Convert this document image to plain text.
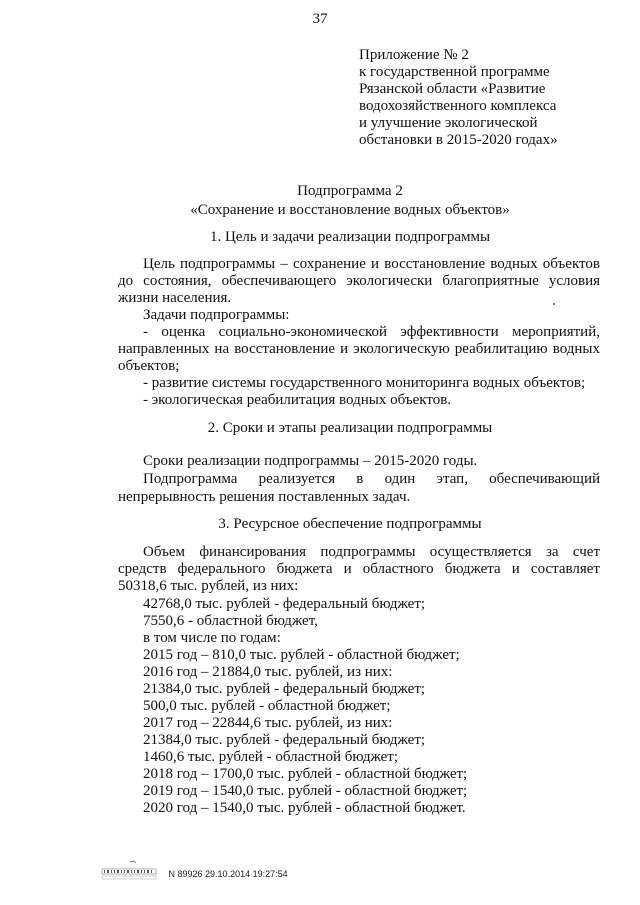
37
Приложение № 2
к государственной программе
Рязанской области «Развитие
водохозяйственного комплекса
и улучшение экологической
обстановки в 2015-2020 годах»
Подпрограмма 2
«Сохранение и восстановление водных объектов»
1. Цель и задачи реализации подпрограммы
Цель подпрограммы – сохранение и восстановление водных объектов
до состояния, обеспечивающего экологически благоприятные условия
жизни населения.
Задачи подпрограммы:
- оценка социально-экономической эффективности мероприятий,
направленных на восстановление и экологическую реабилитацию водных
объектов;
- развитие системы государственного мониторинга водных объектов;
- экологическая реабилитация водных объектов.
2. Сроки и этапы реализации подпрограммы
Сроки реализации подпрограммы – 2015-2020 годы.
Подпрограмма реализуется в один этап, обеспечивающий
непрерывность решения поставленных задач.
3. Ресурсное обеспечение подпрограммы
Объем финансирования подпрограммы осуществляется за счет
средств федерального бюджета и областного бюджета и составляет
50318,6 тыс. рублей, из них:
42768,0 тыс. рублей - федеральный бюджет;
7550,6 - областной бюджет,
в том числе по годам:
2015 год – 810,0 тыс. рублей - областной бюджет;
2016 год – 21884,0 тыс. рублей, из них:
21384,0 тыс. рублей - федеральный бюджет;
500,0 тыс. рублей - областной бюджет;
2017 год – 22844,6 тыс. рублей, из них:
21384,0 тыс. рублей - федеральный бюджет;
1460,6 тыс. рублей - областной бюджет;
2018 год – 1700,0 тыс. рублей - областной бюджет;
2019 год – 1540,0 тыс. рублей - областной бюджет;
2020 год – 1540,0 тыс. рублей - областной бюджет.
N 89926 29.10.2014 19:27:54
